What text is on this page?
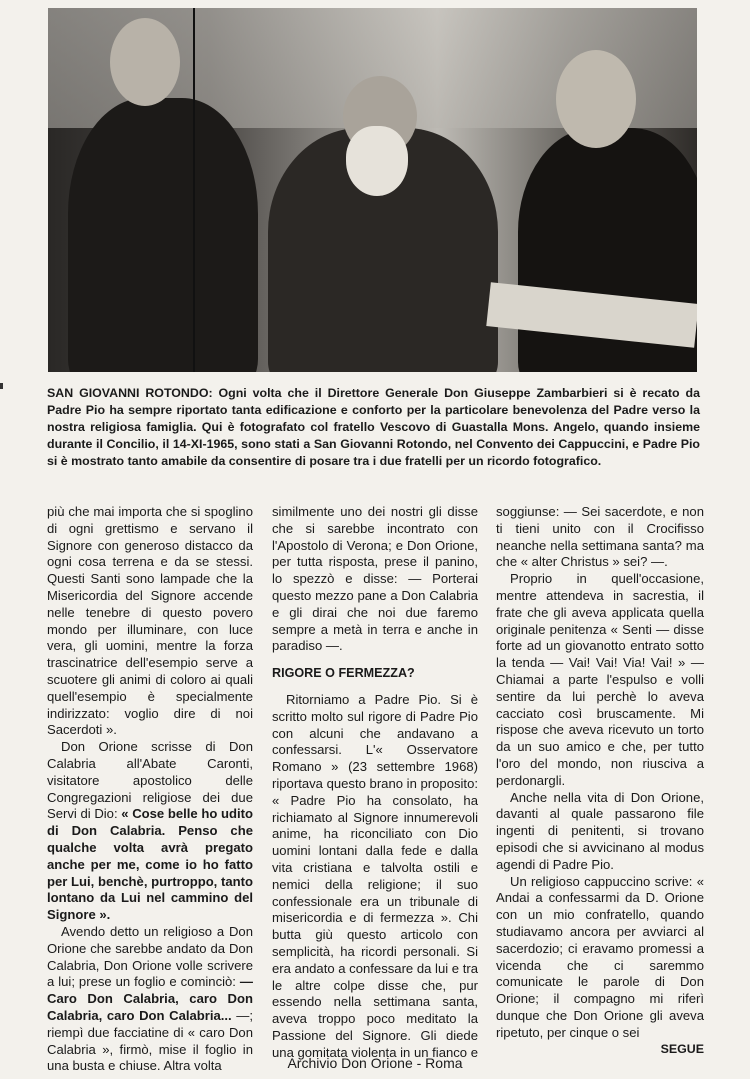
SAN GIOVANNI ROTONDO: Ogni volta che il Direttore Generale Don Giuseppe Zambarbieri si è recato da Padre Pio ha sempre riportato tanta edificazione e conforto per la particolare benevolenza del Padre verso la nostra religiosa famiglia. Qui è fotografato col fratello Vescovo di Guastalla Mons. Angelo, quando insieme durante il Concilio, il 14-XI-1965, sono stati a San Giovanni Rotondo, nel Convento dei Cappuccini, e Padre Pio si è mostrato tanto amabile da consentire di posare tra i due fratelli per un ricordo fotografico.

più che mai importa che si spoglino di ogni grettismo e servano il Signore con generoso distacco da ogni cosa terrena e da se stessi. Questi Santi sono lampade che la Misericordia del Signore accende nelle tenebre di questo povero mondo per illuminare, con luce vera, gli uomini, mentre la forza trascinatrice dell'esempio serve a scuotere gli animi di coloro ai quali quell'esempio è specialmente indirizzato: voglio dire di noi Sacerdoti ».

Don Orione scrisse di Don Calabria all'Abate Caronti, visitatore apostolico delle Congregazioni religiose dei due Servi di Dio: « Cose belle ho udito di Don Calabria. Penso che qualche volta avrà pregato anche per me, come io ho fatto per Lui, benchè, purtroppo, tanto lontano da Lui nel cammino del Signore ».

Avendo detto un religioso a Don Orione che sarebbe andato da Don Calabria, Don Orione volle scrivere a lui; prese un foglio e cominciò: — Caro Don Calabria, caro Don Calabria, caro Don Calabria... —; riempì due facciatine di « caro Don Calabria », firmò, mise il foglio in una busta e chiuse. Altra volta

similmente uno dei nostri gli disse che si sarebbe incontrato con l'Apostolo di Verona; e Don Orione, per tutta risposta, prese il panino, lo spezzò e disse: — Porterai questo mezzo pane a Don Calabria e gli dirai che noi due faremo sempre a metà in terra e anche in paradiso —.

RIGORE O FERMEZZA?

Ritorniamo a Padre Pio. Si è scritto molto sul rigore di Padre Pio con alcuni che andavano a confessarsi. L'« Osservatore Romano » (23 settembre 1968) riportava questo brano in proposito: « Padre Pio ha consolato, ha richiamato al Signore innumerevoli anime, ha riconciliato con Dio uomini lontani dalla fede e dalla vita cristiana e talvolta ostili e nemici della religione; il suo confessionale era un tribunale di misericordia e di fermezza ». Chi butta giù questo articolo con semplicità, ha ricordi personali. Si era andato a confessare da lui e tra le altre colpe disse che, pur essendo nella settimana santa, aveva troppo poco meditato la Passione del Signore. Gli diede una gomitata violenta in un fianco e

soggiunse: — Sei sacerdote, e non ti tieni unito con il Crocifisso neanche nella settimana santa? ma che « alter Christus » sei? —.

Proprio in quell'occasione, mentre attendeva in sacrestia, il frate che gli aveva applicata quella originale penitenza « Senti — disse forte ad un giovanotto entrato sotto la tenda — Vai! Vai! Via! Vai! » — Chiamai a parte l'espulso e volli sentire da lui perchè lo aveva cacciato così bruscamente. Mi rispose che aveva ricevuto un torto da un suo amico e che, per tutto l'oro del mondo, non riusciva a perdonargli.

Anche nella vita di Don Orione, davanti al quale passarono file ingenti di penitenti, si trovano episodi che si avvicinano al modus agendi di Padre Pio.

Un religioso cappuccino scrive: « Andai a confessarmi da D. Orione con un mio confratello, quando studiavamo ancora per avviarci al sacerdozio; ci eravamo promessi a vicenda che ci saremmo comunicate le parole di Don Orione; il compagno mi riferì dunque che Don Orione gli aveva ripetuto, per cinque o sei

SEGUE
Archivio Don Orione - Roma
